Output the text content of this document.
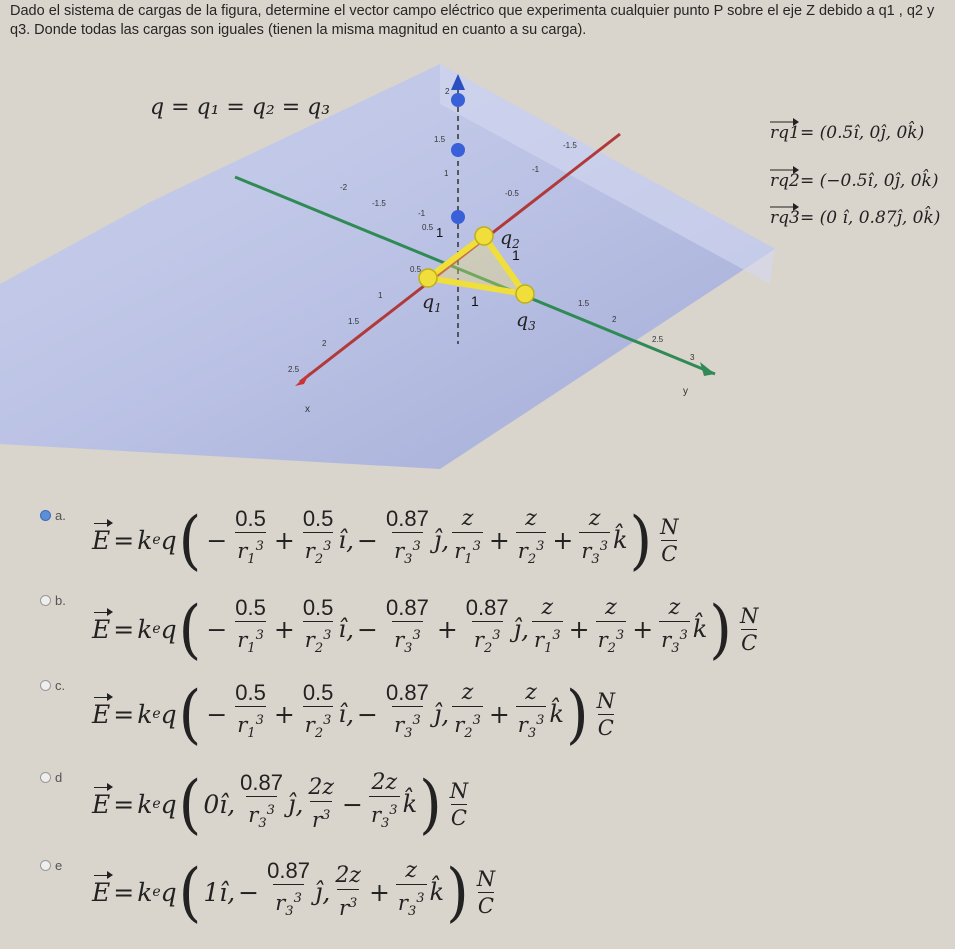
Dado el sistema de cargas de la figura, determine el vector campo eléctrico que experimenta cualquier punto P sobre el eje Z debido a q1 , q2 y q3. Donde todas las cargas son iguales (tienen la misma magnitud en cuanto a su carga).
q = q₁ = q₂ = q₃
$q_1$
$q_2$
$q_3$
1
1
1
2
1.5
1
0.5
-1.5
-1
-0.5
0.5
1
1.5
2
2.5
-2
-1.5
-1
1.5
2
2.5
3
x
y
rq1 = (0.5î, 0ĵ, 0k̂)
rq2 = (−0.5î, 0ĵ, 0k̂)
rq3 = (0 î, 0.87ĵ, 0k̂)
a.
E = k e q ( − $\frac{0.5}{r_1^3} + \frac{0.5}{r_2^3}$ î , − $\frac{0.87}{r_3^3}$ ĵ , $\frac{z}{r_1^3} + \frac{z}{r_2^3} + \frac{z}{r_3^3}$ k̂ ) N
C
b.
E = k e q ( − $\frac{0.5}{r_1^3} + \frac{0.5}{r_2^3}$ î , − $\frac{0.87}{r_3^3} + \frac{0.87}{r_2^3}$ ĵ , $\frac{z}{r_1^3} + \frac{z}{r_2^3} + \frac{z}{r_3^3}$ k̂ ) N
C
c.
E = k e q ( − $\frac{0.5}{r_1^3} + \frac{0.5}{r_2^3}$ î , − $\frac{0.87}{r_3^3}$ ĵ , $\frac{z}{r_2^3} + \frac{z}{r_3^3}$ k̂ ) N
C
d
E = k e q ( 0î , $\frac{0.87}{r_3^3}$ ĵ , $\frac{2z}{r^3} - \frac{2z}{r_3^3}$ k̂ ) N
C
e
E = k e q ( 1î , − $\frac{0.87}{r_3^3}$ ĵ , $\frac{2z}{r^3} + \frac{z}{r_3^3}$ k̂ ) N
C
